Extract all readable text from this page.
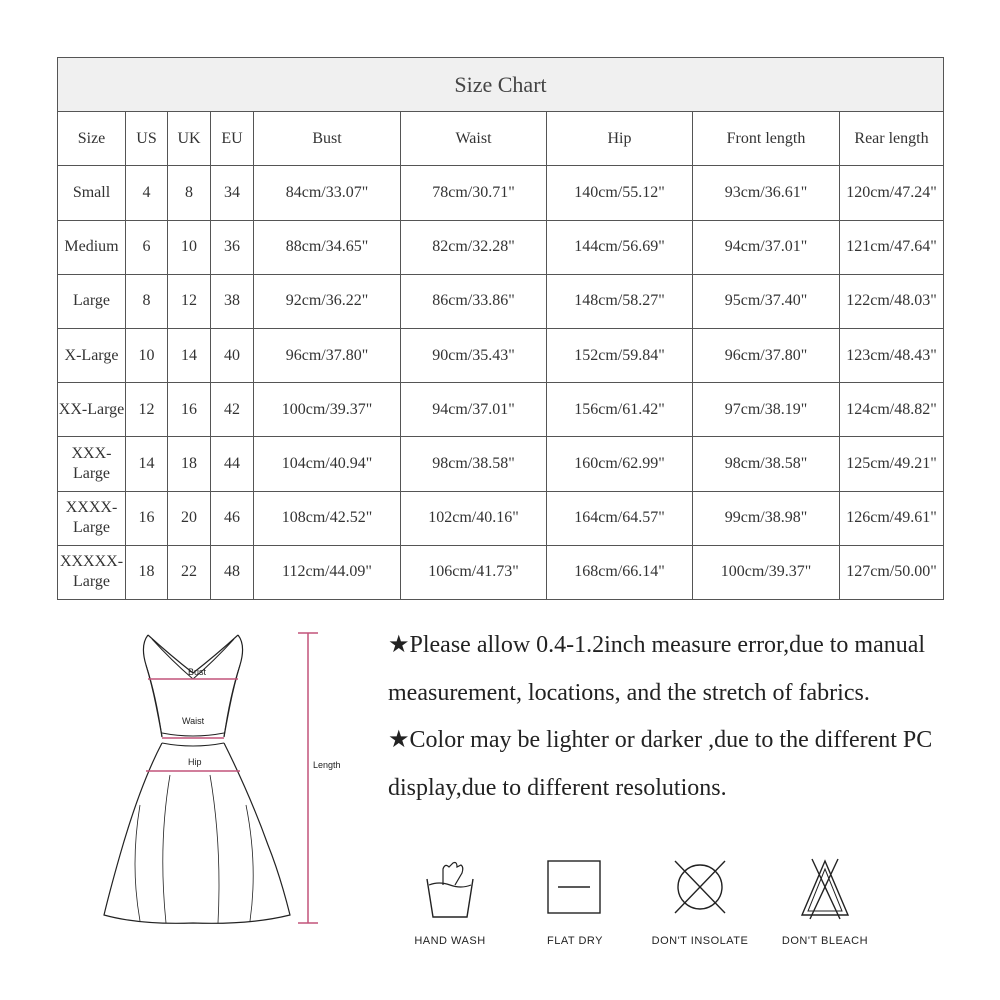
Size Chart								
Size	US	UK	EU	Bust	Waist	Hip	Front length	Rear length
Small	4	8	34	84cm/33.07"	78cm/30.71"	140cm/55.12"	93cm/36.61"	120cm/47.24"
Medium	6	10	36	88cm/34.65"	82cm/32.28"	144cm/56.69"	94cm/37.01"	121cm/47.64"
Large	8	12	38	92cm/36.22"	86cm/33.86"	148cm/58.27"	95cm/37.40"	122cm/48.03"
X-Large	10	14	40	96cm/37.80"	90cm/35.43"	152cm/59.84"	96cm/37.80"	123cm/48.43"
XX-Large	12	16	42	100cm/39.37"	94cm/37.01"	156cm/61.42"	97cm/38.19"	124cm/48.82"
XXX-Large	14	18	44	104cm/40.94"	98cm/38.58"	160cm/62.99"	98cm/38.58"	125cm/49.21"
XXXX-Large	16	20	46	108cm/42.52"	102cm/40.16"	164cm/64.57"	99cm/38.98"	126cm/49.61"
XXXXX-Large	18	22	48	112cm/44.09"	106cm/41.73"	168cm/66.14"	100cm/39.37"	127cm/50.00"
Bust
Waist
Hip	Length

★Please allow 0.4-1.2inch measure error,due to manual measurement, locations, and the stretch of fabrics.

★Color may be lighter or darker ,due to the different PC display,due to different resolutions.

HAND WASH	FLAT DRY	DON'T INSOLATE	DON'T BLEACH
